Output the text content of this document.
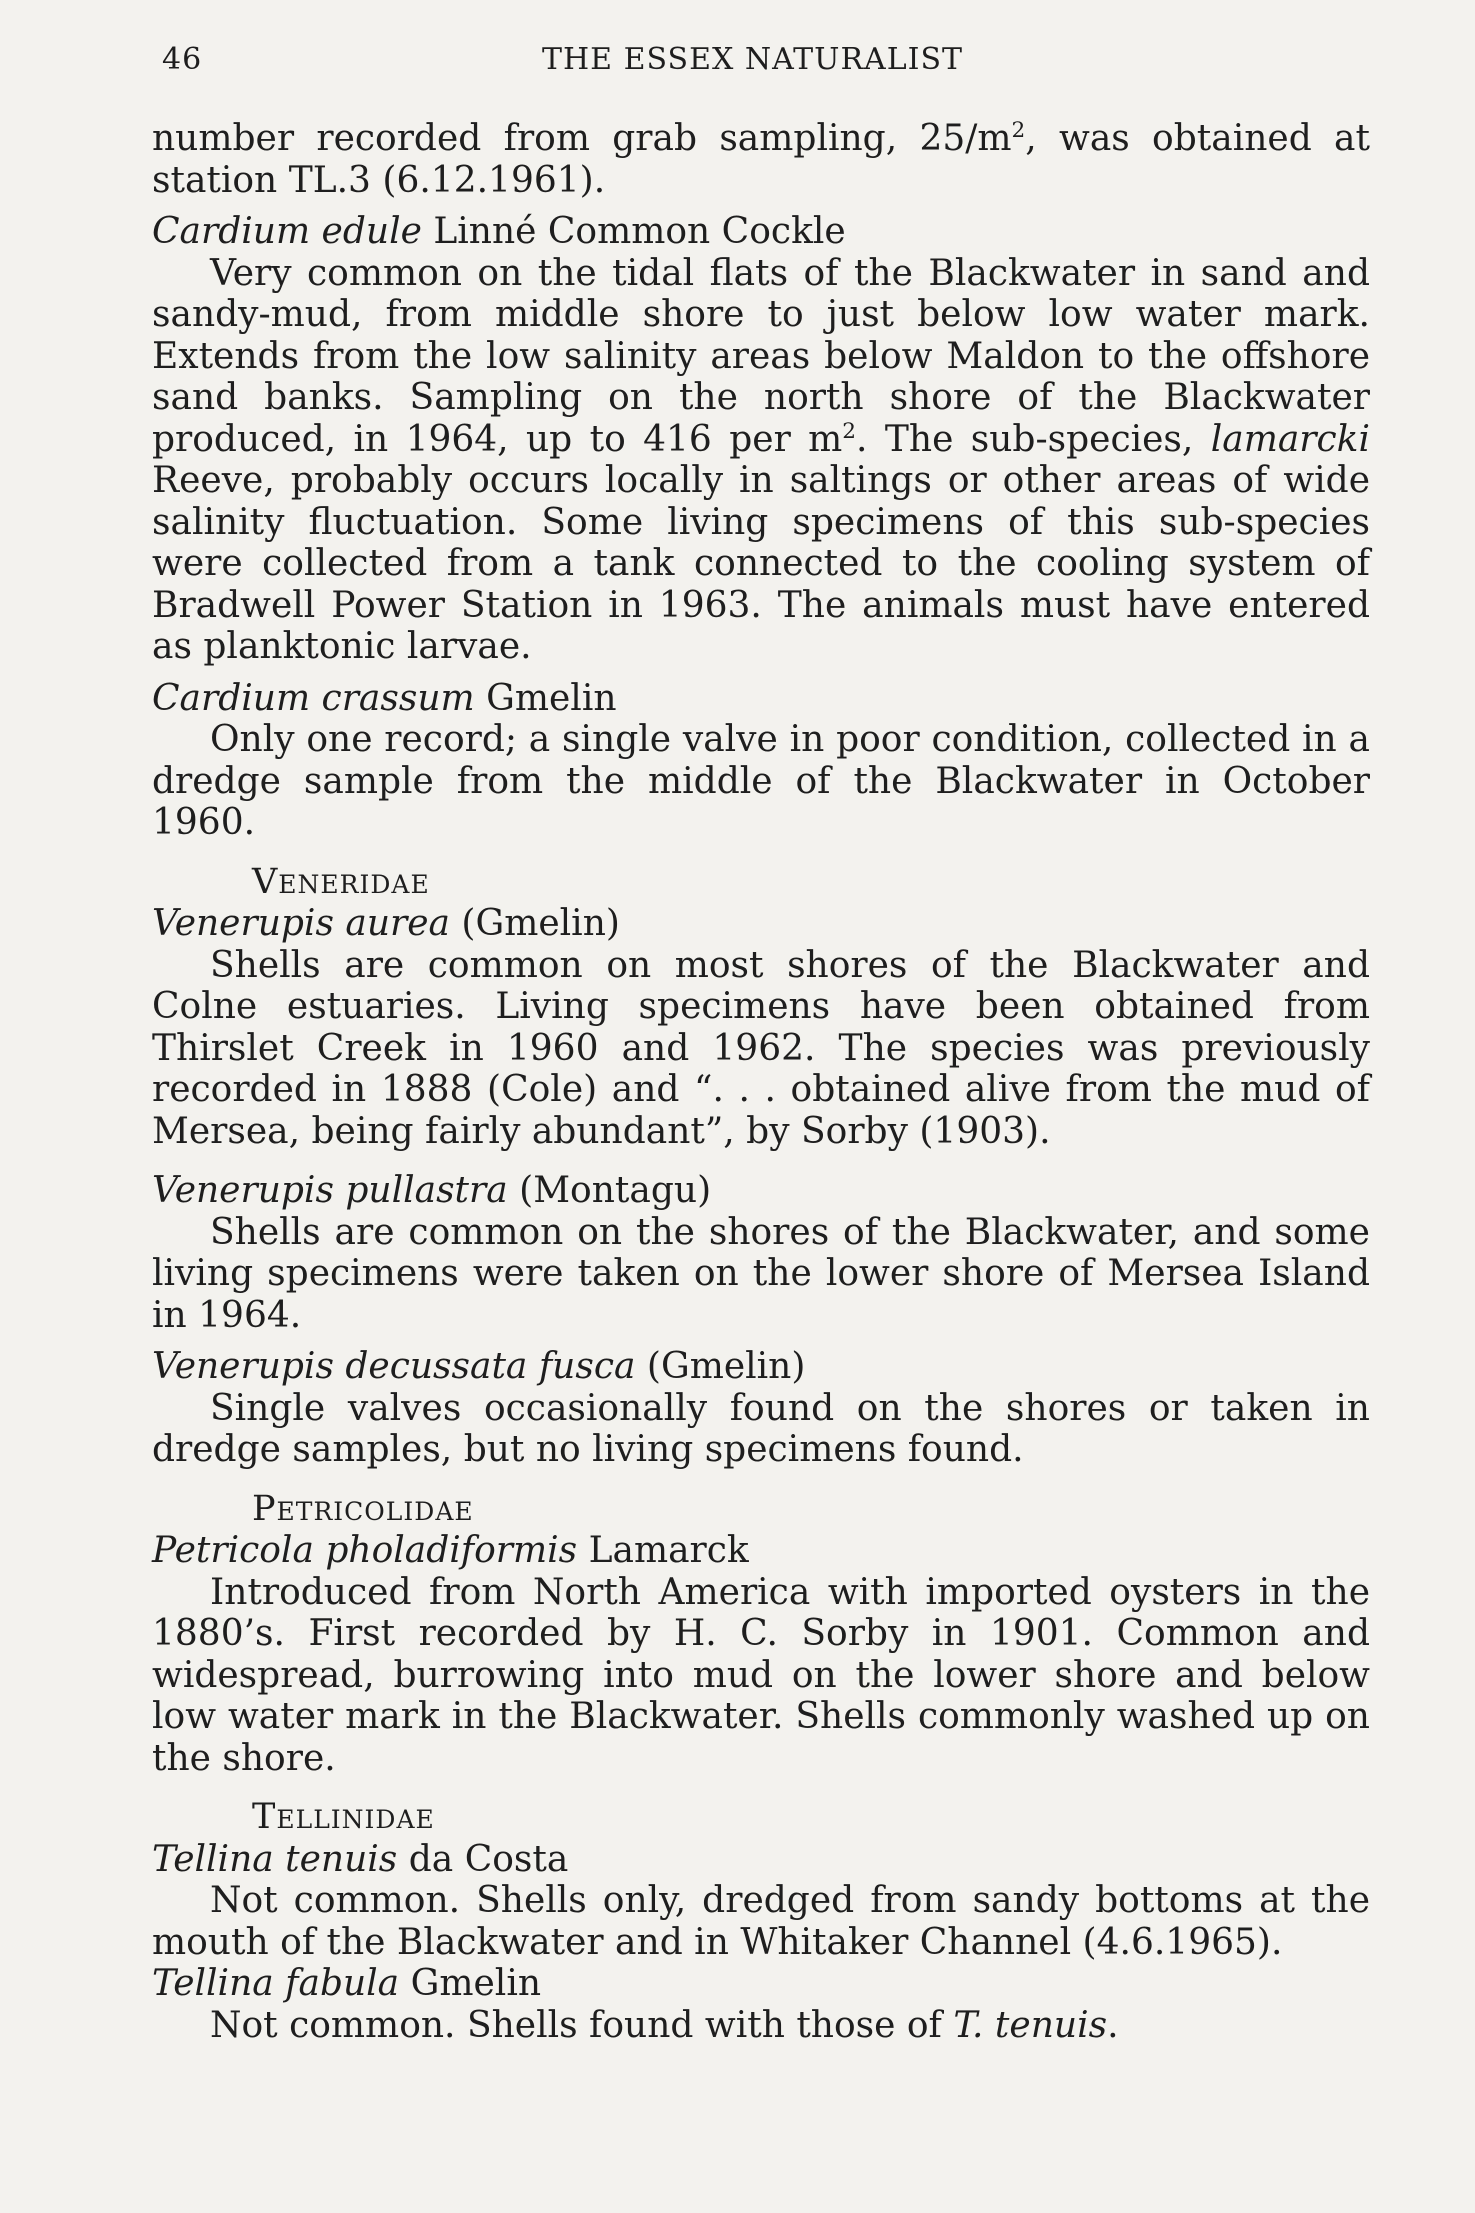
46	THE ESSEX NATURALIST

number recorded from grab sampling, $25/m^2$, was obtained at station TL.3 (6.12.1961).

Cardium edule Linné Common Cockle

Very common on the tidal flats of the Blackwater in sand and sandy-mud, from middle shore to just below low water mark. Extends from the low salinity areas below Maldon to the offshore sand banks. Sampling on the north shore of the Blackwater produced, in 1964, up to 416 per $m^2$. The sub-species, lamarcki Reeve, probably occurs locally in saltings or other areas of wide salinity fluctuation. Some living specimens of this sub-species were collected from a tank connected to the cooling system of Bradwell Power Station in 1963. The animals must have entered as planktonic larvae.

Cardium crassum Gmelin

Only one record; a single valve in poor condition, collected in a dredge sample from the middle of the Blackwater in October 1960.

Veneridae

Venerupis aurea (Gmelin)

Shells are common on most shores of the Blackwater and Colne estuaries. Living specimens have been obtained from Thirslet Creek in 1960 and 1962. The species was previously recorded in 1888 (Cole) and “. . . obtained alive from the mud of Mersea, being fairly abundant”, by Sorby (1903).

Venerupis pullastra (Montagu)

Shells are common on the shores of the Blackwater, and some living specimens were taken on the lower shore of Mersea Island in 1964.

Venerupis decussata fusca (Gmelin)

Single valves occasionally found on the shores or taken in dredge samples, but no living specimens found.

Petricolidae

Petricola pholadiformis Lamarck

Introduced from North America with imported oysters in the 1880’s. First recorded by H. C. Sorby in 1901. Common and widespread, burrowing into mud on the lower shore and below low water mark in the Blackwater. Shells commonly washed up on the shore.

Tellinidae

Tellina tenuis da Costa

Not common. Shells only, dredged from sandy bottoms at the mouth of the Blackwater and in Whitaker Channel (4.6.1965).

Tellina fabula Gmelin

Not common. Shells found with those of T. tenuis.
